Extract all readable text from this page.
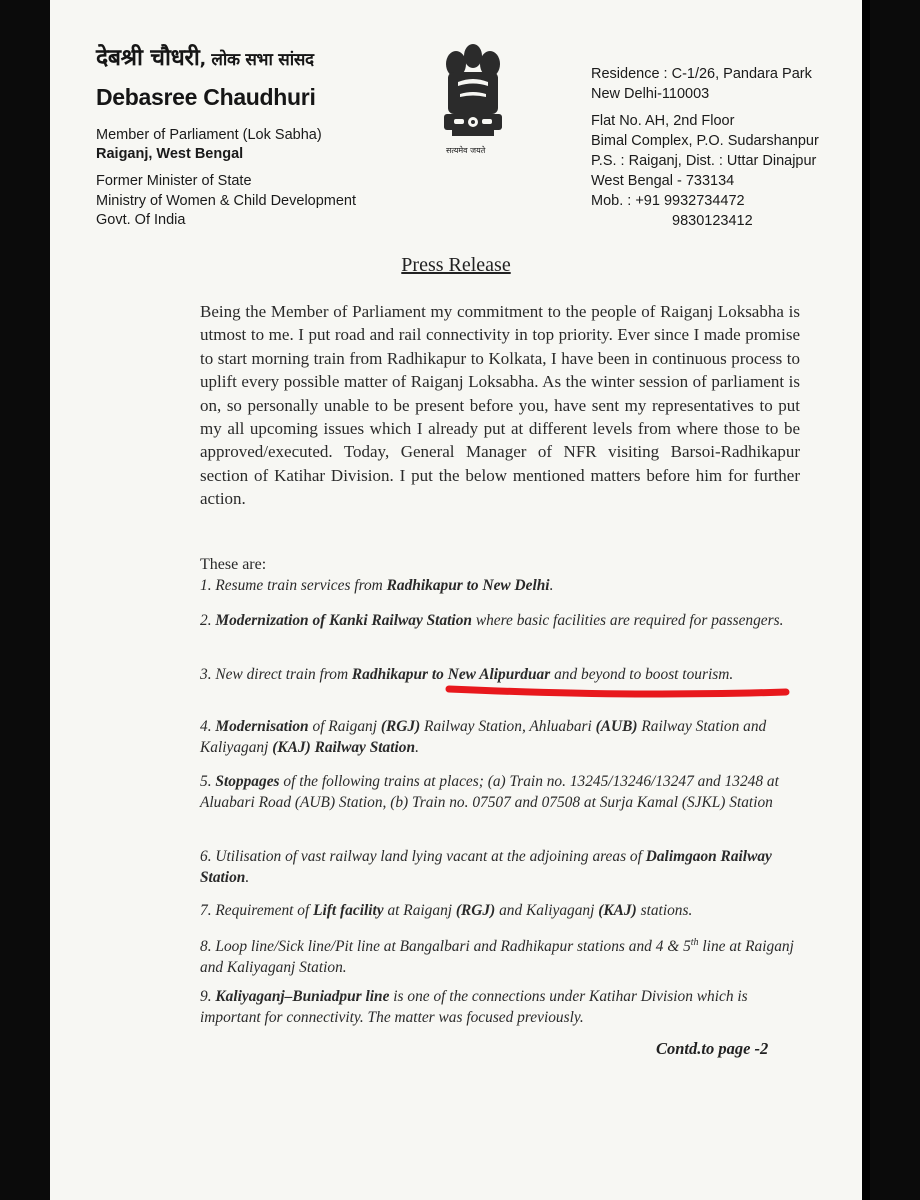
देबश्री चौधरी, लोक सभा सांसद
Debasree Chaudhuri
Member of Parliament (Lok Sabha)
Raiganj, West Bengal
Former Minister of State
Ministry of Women & Child Development
Govt. Of India
सत्यमेव जयते
Residence : C-1/26, Pandara Park
New Delhi-110003
Flat No. AH, 2nd Floor
Bimal Complex, P.O. Sudarshanpur
P.S. : Raiganj, Dist. : Uttar Dinajpur
West Bengal - 733134
Mob. : +91 9932734472
9830123412
Press Release
Being the Member of Parliament my commitment to the people of Raiganj Loksabha is utmost to me. I put road and rail connectivity in top priority. Ever since I made promise to start morning train from Radhikapur to Kolkata, I have been in continuous process to uplift every possible matter of Raiganj Loksabha. As the winter session of parliament is on, so personally unable to be present before you, have sent my representatives to put my all upcoming issues which I already put at different levels from where those to be approved/executed. Today, General Manager of NFR visiting Barsoi-Radhikapur section of Katihar Division. I put the below mentioned matters before him for further action.
These are:
1. Resume train services from Radhikapur to New Delhi.
2. Modernization of Kanki Railway Station where basic facilities are required for passengers.
3. New direct train from Radhikapur to New Alipurduar and beyond to boost tourism.
4. Modernisation of Raiganj (RGJ) Railway Station, Ahluabari (AUB) Railway Station and Kaliyaganj (KAJ) Railway Station.
5. Stoppages of the following trains at places; (a) Train no. 13245/13246/13247 and 13248 at Aluabari Road (AUB) Station, (b) Train no. 07507 and 07508 at Surja Kamal (SJKL) Station
6. Utilisation of vast railway land lying vacant at the adjoining areas of Dalimgaon Railway Station.
7. Requirement of Lift facility at Raiganj (RGJ) and Kaliyaganj (KAJ) stations.
8. Loop line/Sick line/Pit line at Bangalbari and Radhikapur stations and 4 & 5th line at Raiganj and Kaliyaganj Station.
9. Kaliyaganj–Buniadpur line is one of the connections under Katihar Division which is important for connectivity. The matter was focused previously.
Contd.to page -2
